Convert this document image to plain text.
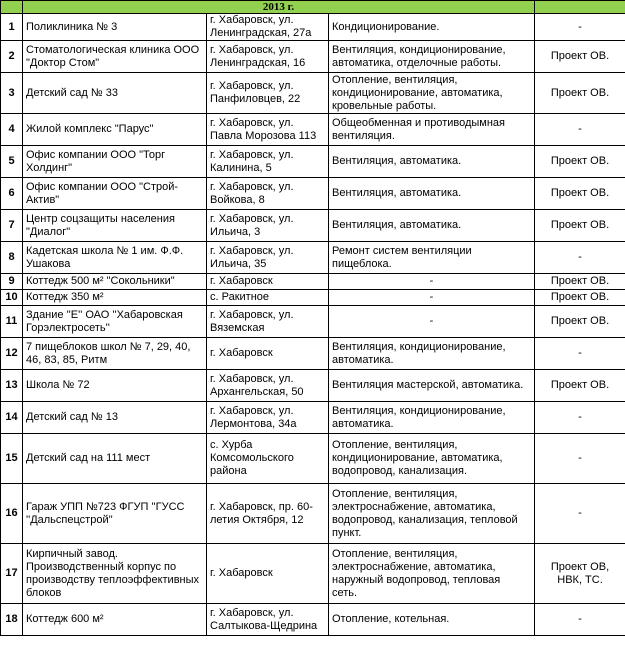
	2013 г.			
1	Поликлиника № 3	г. Хабаровск, ул.
Ленинградская, 27а	Кондиционирование.	-
2	Стоматологическая клиника ООО
"Доктор Стом"	г. Хабаровск, ул.
Ленинградская, 16	Вентиляция, кондиционирование,
автоматика, отделочные работы.	Проект ОВ.
3	Детский сад № 33	г. Хабаровск, ул.
Панфиловцев, 22	Отопление, вентиляция,
кондиционирование, автоматика,
кровельные работы.	Проект ОВ.
4	Жилой комплекс "Парус"	г. Хабаровск, ул.
Павла Морозова 113	Общеобменная и противодымная
вентиляция.	-
5	Офис компании ООО "Торг
Холдинг"	г. Хабаровск, ул.
Калинина, 5	Вентиляция, автоматика.	Проект ОВ.
6	Офис компании ООО "Строй-
Актив"	г. Хабаровск, ул.
Войкова, 8	Вентиляция, автоматика.	Проект ОВ.
7	Центр соцзащиты населения
"Диалог"	г. Хабаровск, ул.
Ильича, 3	Вентиляция, автоматика.	Проект ОВ.
8	Кадетская школа № 1 им. Ф.Ф.
Ушакова	г. Хабаровск, ул.
Ильича, 35	Ремонт систем вентиляции
пищеблока.	-
9	Коттедж 500 м² "Сокольники"	г. Хабаровск	-	Проект ОВ.
10	Коттедж 350 м²	с. Ракитное	-	Проект ОВ.
11	Здание ''Е'' ОАО ''Хабаровская
Горэлектросеть''	г. Хабаровск, ул.
Вяземская	-	Проект ОВ.
12	7 пищеблоков школ № 7, 29, 40,
46, 83, 85, Ритм	г. Хабаровск	Вентиляция, кондиционирование,
автоматика.	-
13	Школа № 72	г. Хабаровск, ул.
Архангельская, 50	Вентиляция мастерской, автоматика.	Проект ОВ.
14	Детский сад № 13	г. Хабаровск, ул.
Лермонтова, 34а	Вентиляция, кондиционирование,
автоматика.	-
15	Детский сад на 111 мест	с. Хурба
Комсомольского
района	Отопление, вентиляция,
кондиционирование, автоматика,
водопровод, канализация.	-
16	Гараж УПП №723 ФГУП ''ГУСС
''Дальспецстрой''	г. Хабаровск, пр. 60-
летия Октября, 12	Отопление, вентиляция,
электроснабжение, автоматика,
водопровод, канализация, тепловой
пункт.	-
17	Кирпичный завод.
Производственный корпус по
производству теплоэффективных
блоков	г. Хабаровск	Отопление, вентиляция,
электроснабжение, автоматика,
наружный водопровод, тепловая
сеть.	Проект ОВ,
НВК, ТС.
18	Коттедж 600 м²	г. Хабаровск, ул.
Салтыкова-Щедрина	Отопление, котельная.	-
